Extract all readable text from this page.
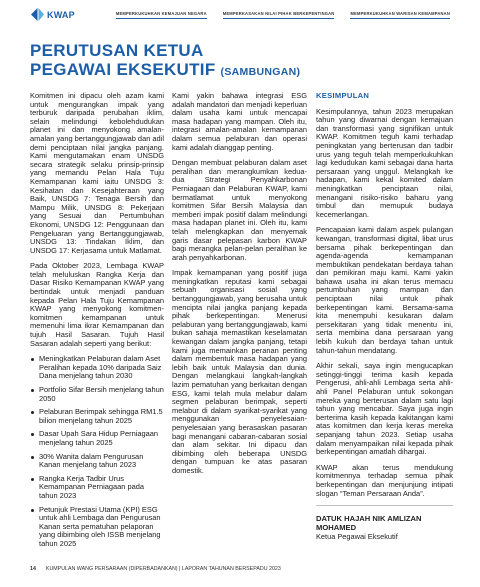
KWAP	MEMPERKUKUHKAN KEMAJUAN NEGARA	MEMPERKASAKAN NILAI PIHAK BERKEPENTINGAN	MEMPERKUKUHKAN WARISAN KEMAMPANAN
PERUTUSAN KETUA
PEGAWAI EKSEKUTIF (SAMBUNGAN)

Komitmen ini dipacu oleh azam kami untuk mengurangkan impak yang terburuk daripada perubahan iklim, selain melindungi kebolehdudukan planet ini dan menyokong amalan-amalan yang bertanggungjawab dan adil demi penciptaan nilai jangka panjang. Kami mengutamakan enam UNSDG secara strategik selaku prinsip-prinsip yang memandu Pelan Hala Tuju Kemampanan kami iaitu UNSDG 3: Kesihatan dan Kesejahteraan yang Baik, UNSDG 7: Tenaga Bersih dan Mampu Milik, UNSDG 8: Pekerjaan yang Sesuai dan Pertumbuhan Ekonomi, UNSDG 12: Penggunaan dan Pengeluaran yang Bertanggungjawab, UNSDG 13: Tindakan Iklim, dan UNSDG 17: Kerjasama untuk Matlamat.

Pada Oktober 2023, Lembaga KWAP telah meluluskan Rangka Kerja dan Dasar Risiko Kemampanan KWAP yang bertindak untuk menjadi panduan kepada Pelan Hala Tuju Kemampanan KWAP yang menyokong komitmen-komitmen kemampanan untuk memenuhi lima ikrar Kemampanan dan tujuh Hasil Sasaran. Tujuh Hasil Sasaran adalah seperti yang berikut:

Meningkatkan Pelaburan dalam Aset Peralihan kepada 10% daripada Saiz Dana menjelang tahun 2030
Portfolio Sifar Bersih menjelang tahun 2050
Pelaburan Berimpak sehingga RM1.5 bilion menjelang tahun 2025
Dasar Upah Sara Hidup Perniagaan menjelang tahun 2025
30% Wanita dalam Pengurusan Kanan menjelang tahun 2023
Rangka Kerja Tadbir Urus Kemampanan Perniagaan pada tahun 2023
Petunjuk Prestasi Utama (KPI) ESG untuk ahli Lembaga dan Pengurusan Kanan serta pematuhan pelaporan yang dibimbing oleh ISSB menjelang tahun 2025

Kami yakin bahawa integrasi ESG adalah mandatori dan menjadi keperluan dalam usaha kami untuk mencapai masa hadapan yang mampan. Oleh itu, integrasi amalan-amalan kemampanan dalam semua pelaburan dan operasi kami adalah dianggap penting.

Dengan membuat pelaburan dalam aset peralihan dan merangkumkan kedua-dua Strategi Penyahkarbonan Perniagaan dan Pelaburan KWAP, kami bermatlamat untuk menyokong komitmen Sifar Bersih Malaysia dan memberi impak positif dalam melindungi masa hadapan planet ini. Oleh itu, kami telah melengkapkan dan menyemak garis dasar pelepasan karbon KWAP bagi merangka pelan-pelan peralihan ke arah penyahkarbonan.

Impak kemampanan yang positif juga meningkatkan reputasi kami sebagai sebuah organisasi sosial yang bertanggungjawab, yang berusaha untuk mencipta nilai jangka panjang kepada pihak berkepentingan. Menerusi pelaburan yang bertanggungjawab, kami bukan sahaja memastikan keselamatan kewangan dalam jangka panjang, tetapi kami juga memainkan peranan penting dalam membentuk masa hadapan yang lebih baik untuk Malaysia dan dunia. Dengan melangkaui langkah-langkah lazim pematuhan yang berkaitan dengan ESG, kami telah mula melabur dalam segmen pelaburan berimpak, seperti melabur di dalam syarikat-syarikat yang menggunakan penyelesaian-penyelesaian yang berasaskan pasaran bagi menangani cabaran-cabaran sosial dan alam sekitar. Ini dipacu dan dibimbing oleh beberapa UNSDG dengan tumpuan ke atas pasaran domestik.

KESIMPULAN

Kesimpulannya, tahun 2023 merupakan tahun yang diwarnai dengan kemajuan dan transformasi yang signifikan untuk KWAP. Komitmen teguh kami terhadap peningkatan yang berterusan dan tadbir urus yang teguh telah memperkukuhkan lagi kedudukan kami sebagai dana harta persaraan yang unggul. Melangkah ke hadapan, kami kekal komited dalam meningkatkan penciptaan nilai, menangani risiko-risiko baharu yang timbul dan memupuk budaya kecemerlangan.

Pencapaian kami dalam aspek pulangan kewangan, transformasi digital, libat urus bersama pihak berkepentingan dan agenda-agenda kemampanan membuktikan pendekatan berdaya tahan dan pemikiran maju kami. Kami yakin bahawa usaha ini akan terus memacu pertumbuhan yang mampan dan penciptaan nilai untuk pihak berkepentingan kami. Bersama-sama kita menempuhi kesukaran dalam persekitaran yang tidak menentu ini, serta membina dana persaraan yang lebih kukuh dan berdaya tahan untuk tahun-tahun mendatang.

Akhir sekali, saya ingin mengucapkan setinggi-tinggi terima kasih kepada Pengerusi, ahli-ahli Lembaga serta ahli-ahli Panel Pelaburan untuk sokongan mereka yang berterusan dalam satu lagi tahun yang mencabar. Saya juga ingin berterima kasih kepada kakitangan kami atas komitmen dan kerja keras mereka sepanjang tahun 2023. Setiap usaha dalam menyampaikan nilai kepada pihak berkepentingan amatlah dihargai.

KWAP akan terus mendukung komitmennya terhadap semua pihak berkepentingan dan menjunjung intipati slogan “Teman Persaraan Anda”.

DATUK HAJAH NIK AMLIZAN
MOHAMED
Ketua Pegawai Eksekutif
14 KUMPULAN WANG PERSARAAN (DIPERBADANKAN) | LAPORAN TAHUNAN BERSEPADU 2023
